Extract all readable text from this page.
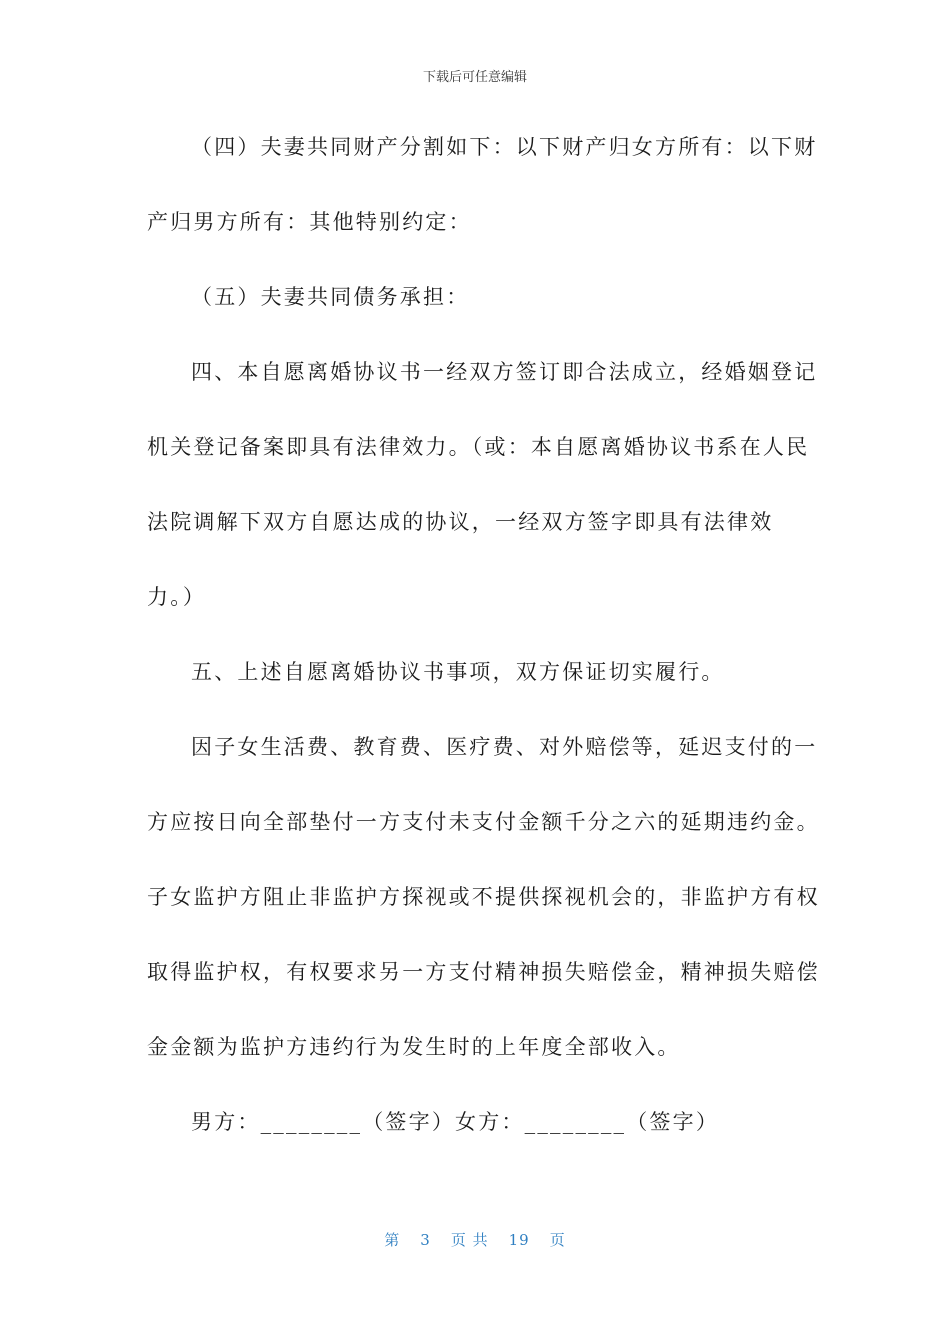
下载后可任意编辑
（四）夫妻共同财产分割如下：以下财产归女方所有：以下财
产归男方所有：其他特别约定：
（五）夫妻共同债务承担：
四、本自愿离婚协议书一经双方签订即合法成立，经婚姻登记
机关登记备案即具有法律效力。（或：本自愿离婚协议书系在人民
法院调解下双方自愿达成的协议，一经双方签字即具有法律效
力。）
五、上述自愿离婚协议书事项，双方保证切实履行。
因子女生活费、教育费、医疗费、对外赔偿等，延迟支付的一
方应按日向全部垫付一方支付未支付金额千分之六的延期违约金。
子女监护方阻止非监护方探视或不提供探视机会的，非监护方有权
取得监护权，有权要求另一方支付精神损失赔偿金，精神损失赔偿
金金额为监护方违约行为发生时的上年度全部收入。
男方：________（签字）女方：________（签字）
第 3 页 共 19 页
